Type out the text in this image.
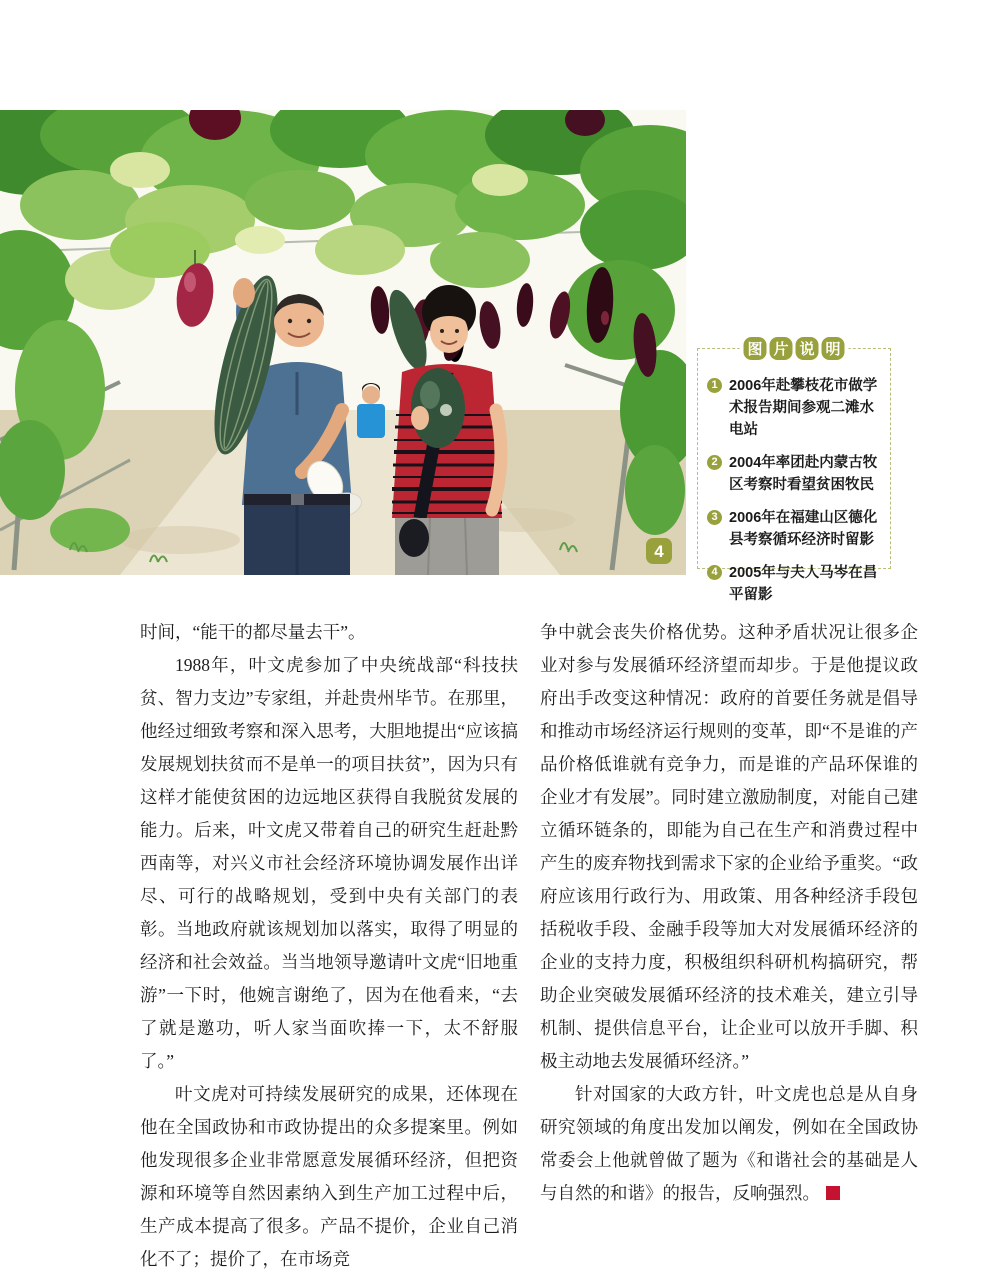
4
图 片 说 明
1 2006年赴攀枝花市做学术报告期间参观二滩水电站
2 2004年率团赴内蒙古牧区考察时看望贫困牧民
3 2006年在福建山区德化县考察循环经济时留影
4 2005年与夫人马岑在昌平留影

时间，“能干的都尽量去干”。

1988年，叶文虎参加了中央统战部“科技扶贫、智力支边”专家组，并赴贵州毕节。在那里，他经过细致考察和深入思考，大胆地提出“应该搞发展规划扶贫而不是单一的项目扶贫”，因为只有这样才能使贫困的边远地区获得自我脱贫发展的能力。后来，叶文虎又带着自己的研究生赶赴黔西南等，对兴义市社会经济环境协调发展作出详尽、可行的战略规划，受到中央有关部门的表彰。当地政府就该规划加以落实，取得了明显的经济和社会效益。当当地领导邀请叶文虎“旧地重游”一下时，他婉言谢绝了，因为在他看来，“去了就是邀功，听人家当面吹捧一下，太不舒服了。”

叶文虎对可持续发展研究的成果，还体现在他在全国政协和市政协提出的众多提案里。例如他发现很多企业非常愿意发展循环经济，但把资源和环境等自然因素纳入到生产加工过程中后，生产成本提高了很多。产品不提价，企业自己消化不了；提价了，在市场竞

争中就会丧失价格优势。这种矛盾状况让很多企业对参与发展循环经济望而却步。于是他提议政府出手改变这种情况：政府的首要任务就是倡导和推动市场经济运行规则的变革，即“不是谁的产品价格低谁就有竞争力，而是谁的产品环保谁的企业才有发展”。同时建立激励制度，对能自己建立循环链条的，即能为自己在生产和消费过程中产生的废弃物找到需求下家的企业给予重奖。“政府应该用行政行为、用政策、用各种经济手段包括税收手段、金融手段等加大对发展循环经济的企业的支持力度，积极组织科研机构搞研究，帮助企业突破发展循环经济的技术难关，建立引导机制、提供信息平台，让企业可以放开手脚、积极主动地去发展循环经济。”

针对国家的大政方针，叶文虎也总是从自身研究领域的角度出发加以阐发，例如在全国政协常委会上他就曾做了题为《和谐社会的基础是人与自然的和谐》的报告，反响强烈。
